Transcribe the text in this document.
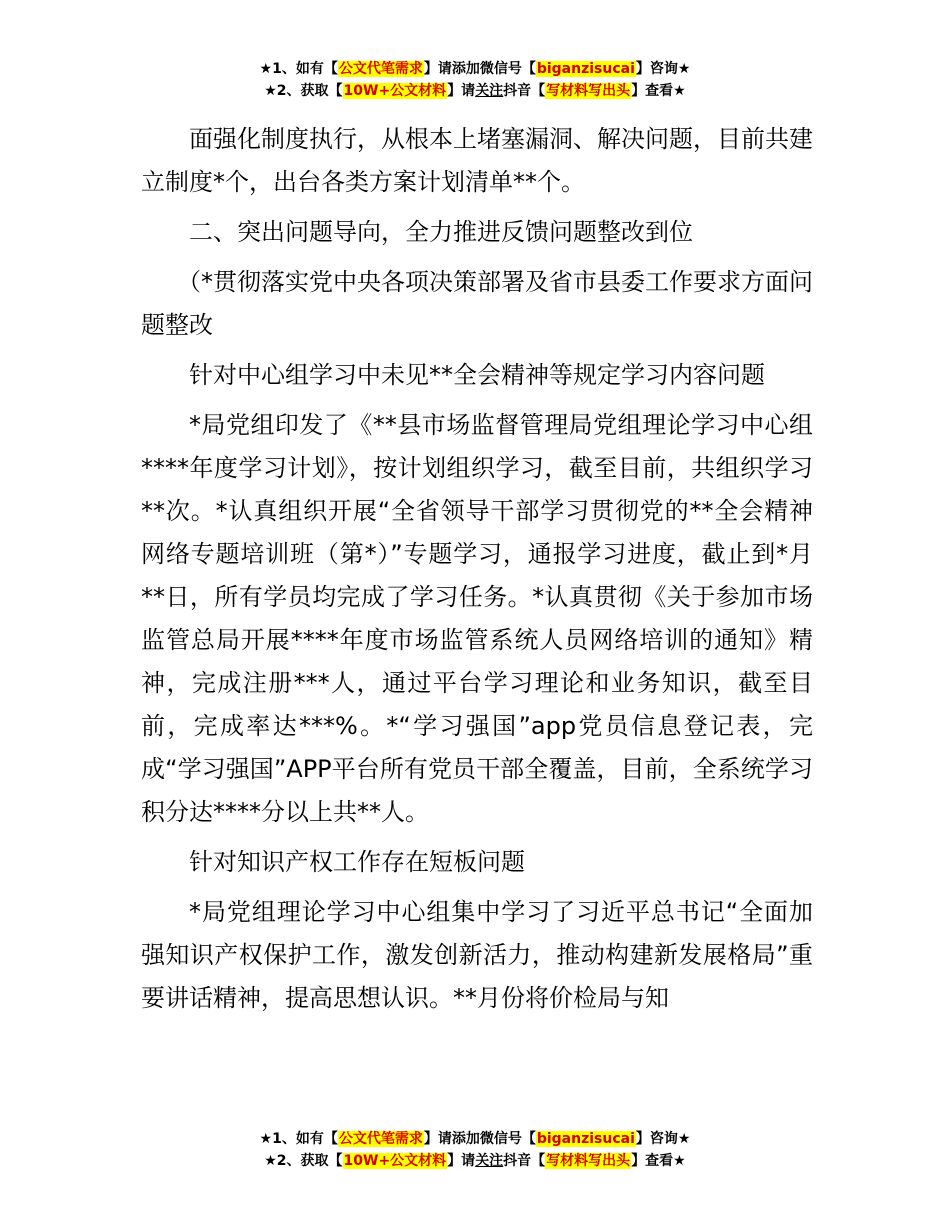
★1、如有【公文代笔需求】请添加微信号【biganzisucai】咨询★
★2、获取【10W+公文材料】请关注抖音【写材料写出头】查看★

面强化制度执行，从根本上堵塞漏洞、解决问题，目前共建立制度*个，出台各类方案计划清单**个。

二、突出问题导向，全力推进反馈问题整改到位

（*贯彻落实党中央各项决策部署及省市县委工作要求方面问题整改

针对中心组学习中未见**全会精神等规定学习内容问题

*局党组印发了《**县市场监督管理局党组理论学习中心组****年度学习计划》，按计划组织学习，截至目前，共组织学习**次。*认真组织开展“全省领导干部学习贯彻党的**全会精神网络专题培训班（第*）”专题学习，通报学习进度，截止到*月**日，所有学员均完成了学习任务。*认真贯彻《关于参加市场监管总局开展****年度市场监管系统人员网络培训的通知》精神，完成注册***人，通过平台学习理论和业务知识，截至目前，完成率达***%。*“学习强国”app党员信息登记表，完成“学习强国”APP平台所有党员干部全覆盖，目前，全系统学习积分达****分以上共**人。

针对知识产权工作存在短板问题

*局党组理论学习中心组集中学习了习近平总书记“全面加强知识产权保护工作，激发创新活力，推动构建新发展格局”重要讲话精神，提高思想认识。**月份将价检局与知

★1、如有【公文代笔需求】请添加微信号【biganzisucai】咨询★
★2、获取【10W+公文材料】请关注抖音【写材料写出头】查看★
